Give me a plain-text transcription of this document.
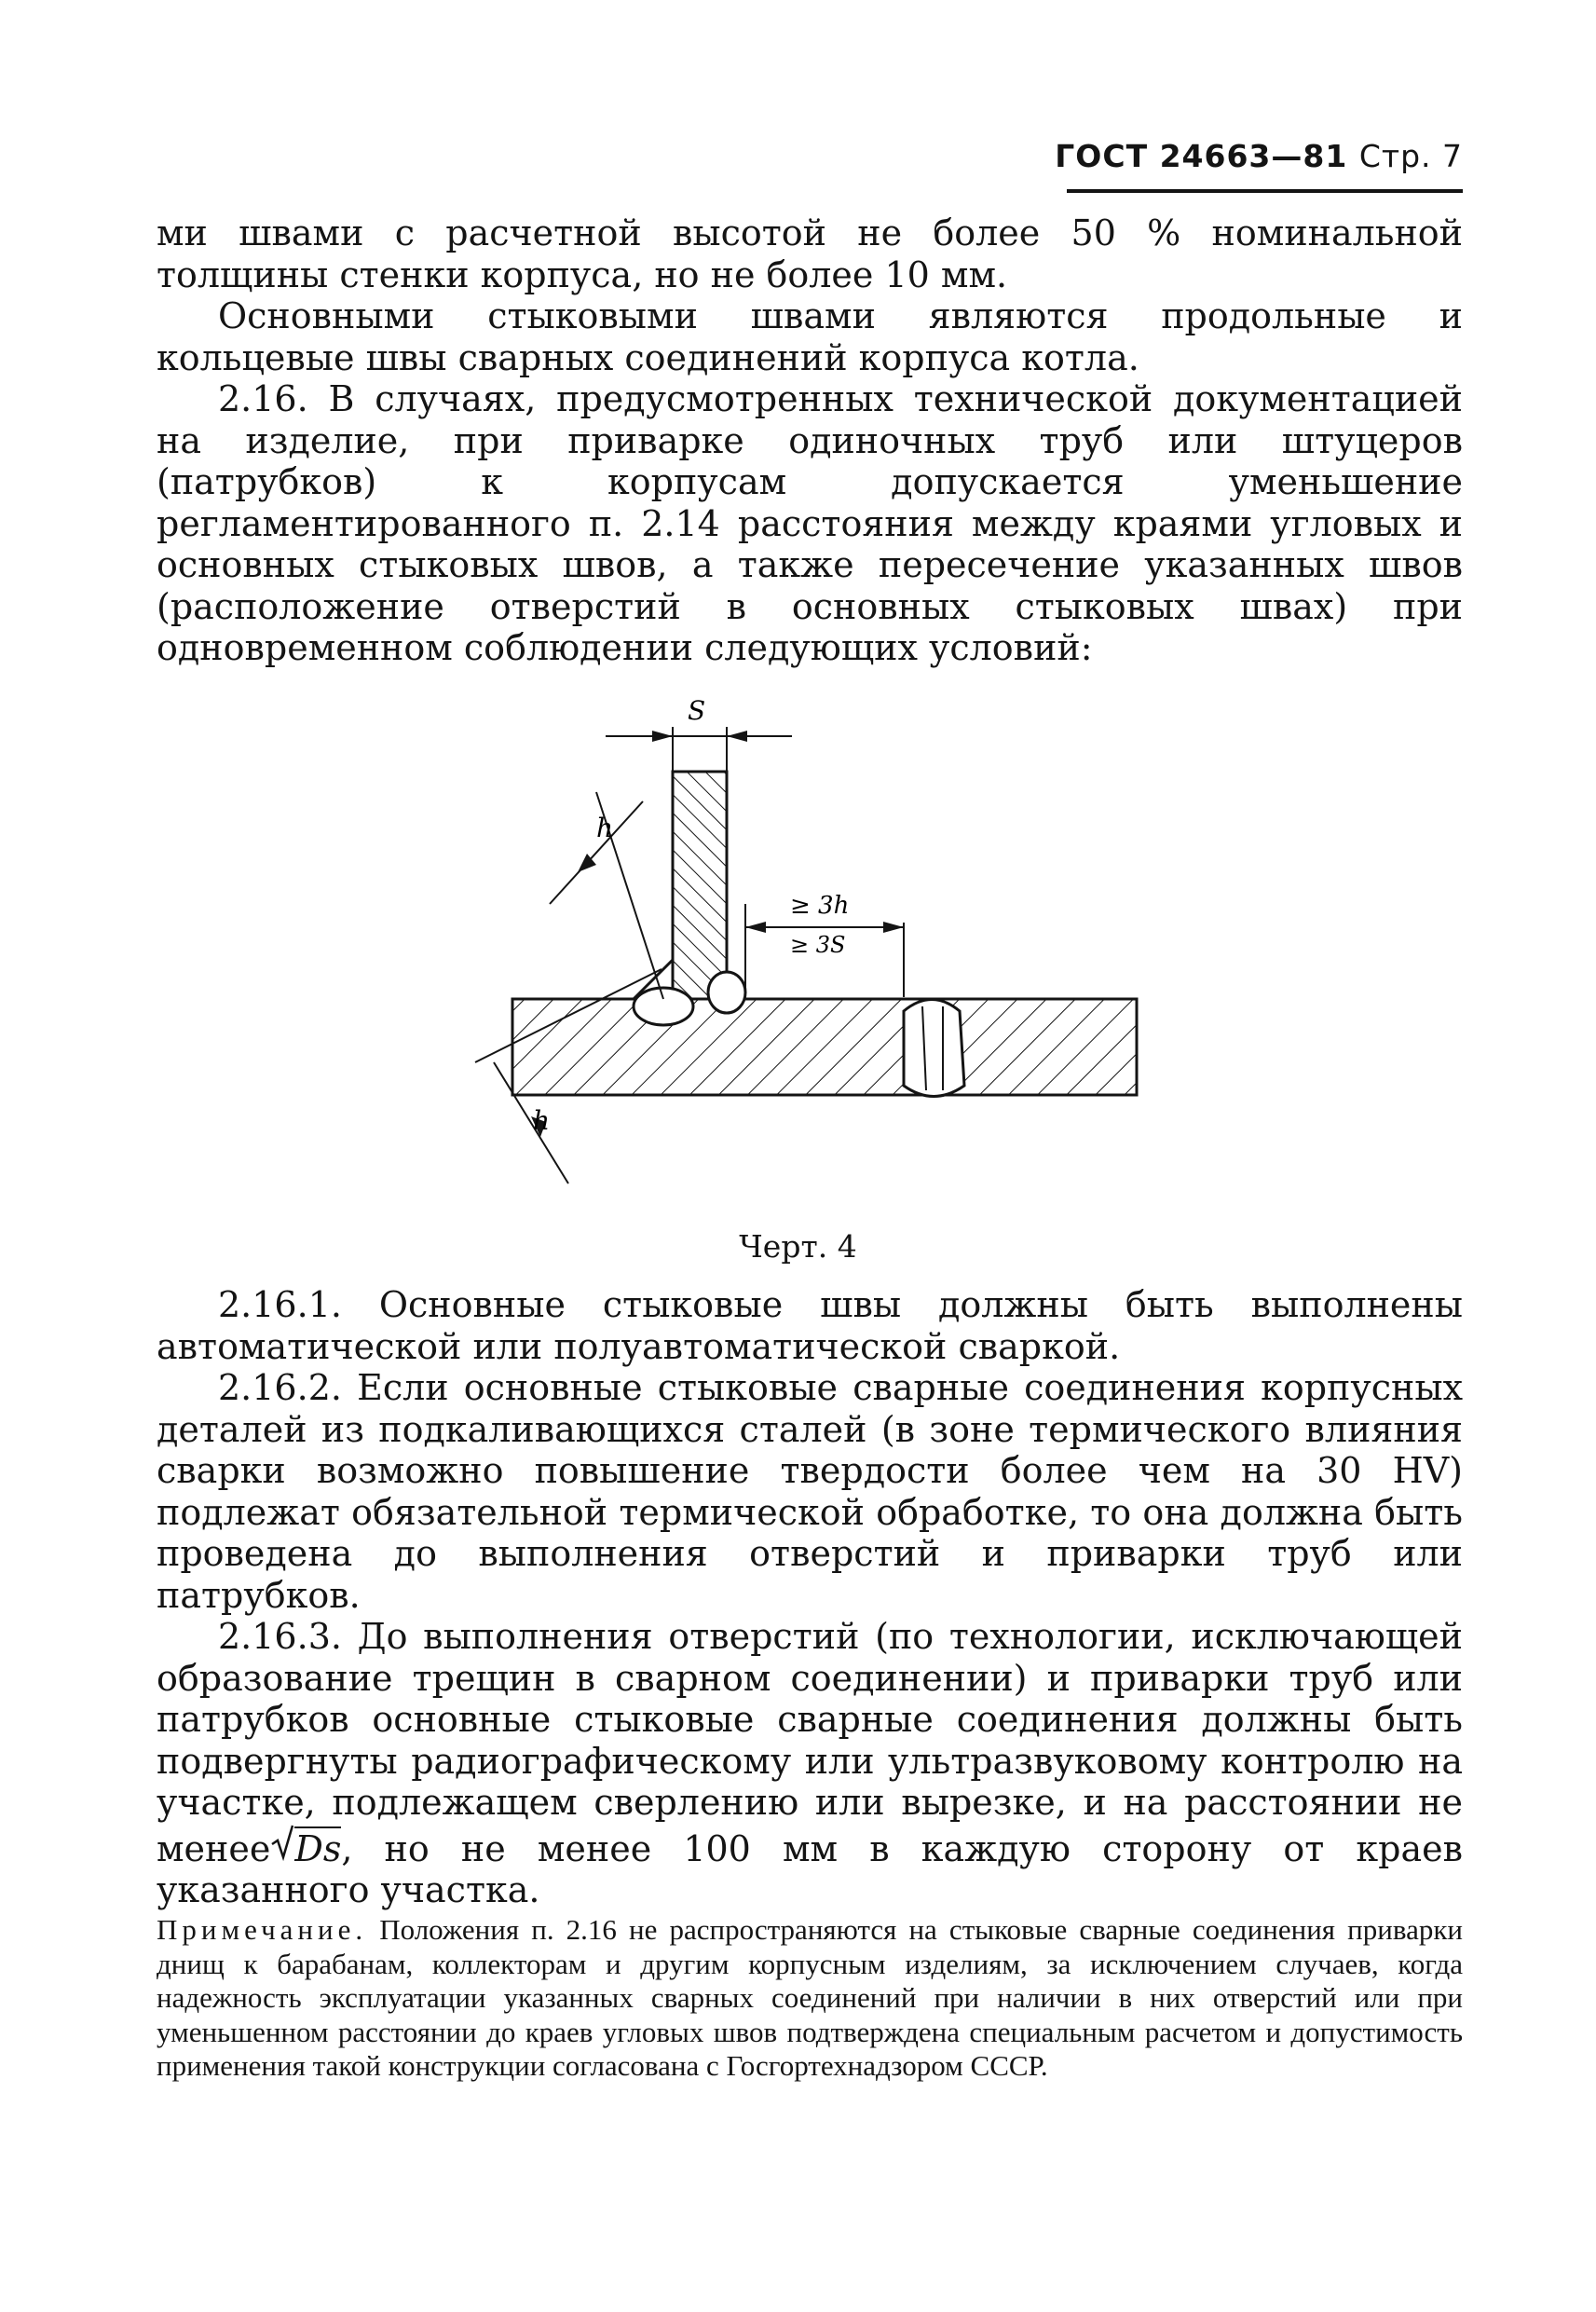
ГОСТ 24663—81 Стр. 7

ми швами с расчетной высотой не более 50 % номинальной толщины стенки корпуса, но не более 10 мм.

Основными стыковыми швами являются продольные и кольцевые швы сварных соединений корпуса котла.

2.16. В случаях, предусмотренных технической документацией на изделие, при приварке одиночных труб или штуцеров (патрубков) к корпусам допускается уменьшение регламентированного п. 2.14 расстояния между краями угловых и основных стыковых швов, а также пересечение указанных швов (расположение отверстий в основных стыковых швах) при одновременном соблюдении следующих условий:

S
h
h
≥ 3h
≥ 3S
Черт. 4

2.16.1. Основные стыковые швы должны быть выполнены автоматической или полуавтоматической сваркой.

2.16.2. Если основные стыковые сварные соединения корпусных деталей из подкаливающихся сталей (в зоне термического влияния сварки возможно повышение твердости более чем на 30 HV) подлежат обязательной термической обработке, то она должна быть проведена до выполнения отверстий и приварки труб или патрубков.

2.16.3. До выполнения отверстий (по технологии, исключающей образование трещин в сварном соединении) и приварки труб или патрубков основные стыковые сварные соединения должны быть подвергнуты радиографическому или ультразвуковому контролю на участке, подлежащем сверлению или вырезке, и на расстоянии не менее Ds, но не менее 100 мм в каждую сторону от краев указанного участка.

Примечание. Положения п. 2.16 не распространяются на стыковые сварные соединения приварки днищ к барабанам, коллекторам и другим корпусным изделиям, за исключением случаев, когда надежность эксплуатации указанных сварных соединений при наличии в них отверстий или при уменьшенном расстоянии до краев угловых швов подтверждена специальным расчетом и допустимость применения такой конструкции согласована с Госгортехнадзором СССР.
